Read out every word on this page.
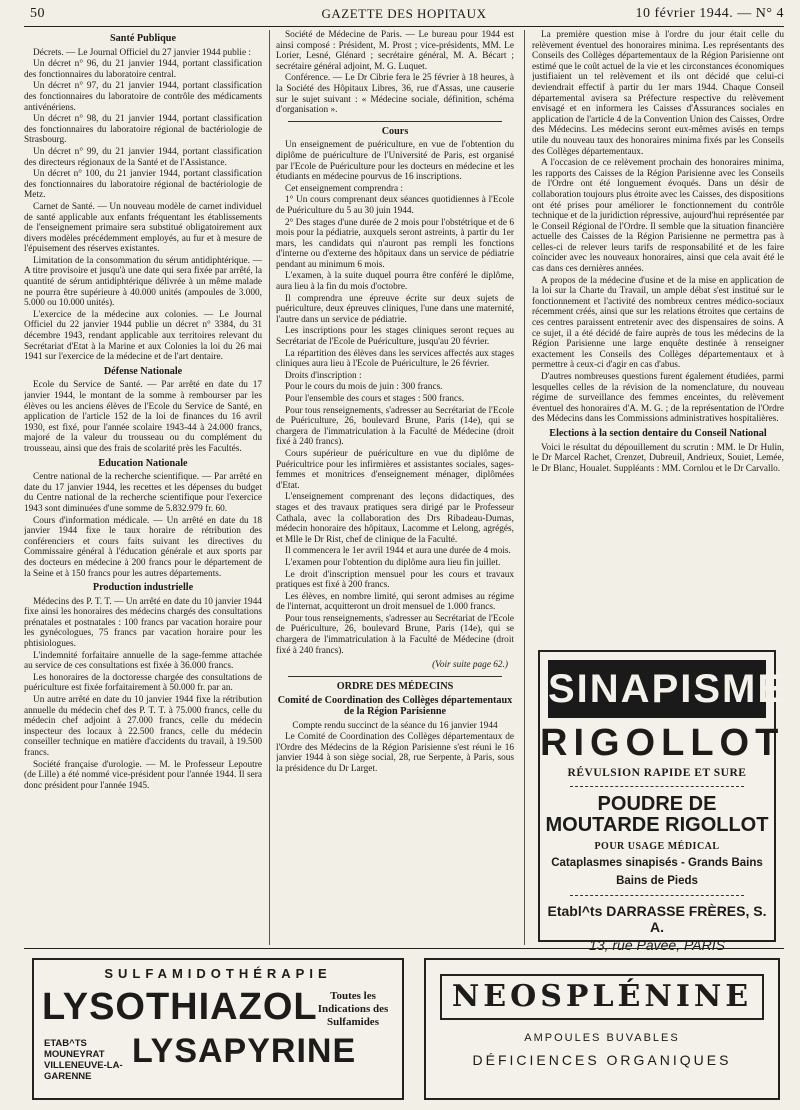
50	GAZETTE DES HOPITAUX	10 février 1944. — N° 4
Santé Publique

Décrets. — Le Journal Officiel du 27 janvier 1944 publie :

Un décret n° 96, du 21 janvier 1944, portant classification des fonctionnaires du laboratoire central.

Un décret n° 97, du 21 janvier 1944, portant classification des fonctionnaires du laboratoire de contrôle des médicaments antivénériens.

Un décret n° 98, du 21 janvier 1944, portant classification des fonctionnaires du laboratoire régional de bactériologie de Strasbourg.

Un décret n° 99, du 21 janvier 1944, portant classification des directeurs régionaux de la Santé et de l'Assistance.

Un décret n° 100, du 21 janvier 1944, portant classification des fonctionnaires du laboratoire régional de bactériologie de Metz.

Carnet de Santé. — Un nouveau modèle de carnet individuel de santé applicable aux enfants fréquentant les établissements de l'enseignement primaire sera substitué obligatoirement aux divers modèles précédemment employés, au fur et à mesure de l'épuisement des réserves existantes.

Limitation de la consommation du sérum antidiphtérique. — A titre provisoire et jusqu'à une date qui sera fixée par arrêté, la quantité de sérum antidiphtérique délivrée à un même malade ne pourra être supérieure à 40.000 unités (ampoules de 3.000, 5.000 ou 10.000 unités).

L'exercice de la médecine aux colonies. — Le Journal Officiel du 22 janvier 1944 publie un décret n° 3384, du 31 décembre 1943, rendant applicable aux territoires relevant du Secrétariat d'Etat à la Marine et aux Colonies la loi du 26 mai 1941 sur l'exercice de la médecine et de l'art dentaire.

Défense Nationale

Ecole du Service de Santé. — Par arrêté en date du 17 janvier 1944, le montant de la somme à rembourser par les élèves ou les anciens élèves de l'Ecole du Service de Santé, en application de l'article 152 de la loi de finances du 16 avril 1930, est fixé, pour l'année scolaire 1943-44 à 24.000 francs, majoré de la valeur du trousseau ou du complément du trousseau, ainsi que des frais de scolarité près les Facultés.

Education Nationale

Centre national de la recherche scientifique. — Par arrêté en date du 17 janvier 1944, les recettes et les dépenses du budget du Centre national de la recherche scientifique pour l'exercice 1943 sont diminuées d'une somme de 5.832.979 fr. 60.

Cours d'information médicale. — Un arrêté en date du 18 janvier 1944 fixe le taux horaire de rétribution des conférenciers et cours faits suivant les directives du Commissaire général à l'éducation générale et aux sports par des docteurs en médecine à 200 francs pour le département de la Seine et à 150 francs pour les autres départements.

Production industrielle

Médecins des P. T. T. — Un arrêté en date du 10 janvier 1944 fixe ainsi les honoraires des médecins chargés des consultations prénatales et postnatales : 100 francs par vacation horaire pour les gynécologues, 75 francs par vacation horaire pour les phtisiologues.

L'indemnité forfaitaire annuelle de la sage-femme attachée au service de ces consultations est fixée à 36.000 francs.

Les honoraires de la doctoresse chargée des consultations de puériculture est fixée forfaitairement à 50.000 fr. par an.

Un autre arrêté en date du 10 janvier 1944 fixe la rétribution annuelle du médecin chef des P. T. T. à 75.000 francs, celle du médecin chef adjoint à 27.000 francs, celle du médecin inspecteur des locaux à 22.500 francs, celle du médecin conseiller technique en matière d'accidents du travail, à 19.500 francs.

Société française d'urologie. — M. le Professeur Lepoutre (de Lille) a été nommé vice-président pour l'année 1944. Il sera donc président pour l'année 1945.

Société de Médecine de Paris. — Le bureau pour 1944 est ainsi composé : Président, M. Prost ; vice-présidents, MM. Le Lorier, Lesné, Glénard ; secrétaire général, M. A. Bécart ; secrétaire général adjoint, M. G. Luquet.

Conférence. — Le Dr Cibrie fera le 25 février à 18 heures, à la Société des Hôpitaux Libres, 36, rue d'Assas, une causerie sur le sujet suivant : « Médecine sociale, définition, schéma d'organisation ».

Cours

Un enseignement de puériculture, en vue de l'obtention du diplôme de puériculture de l'Université de Paris, est organisé par l'Ecole de Puériculture pour les docteurs en médecine et les étudiants en médecine pourvus de 16 inscriptions.

Cet enseignement comprendra :

1° Un cours comprenant deux séances quotidiennes à l'Ecole de Puériculture du 5 au 30 juin 1944.

2° Des stages d'une durée de 2 mois pour l'obstétrique et de 6 mois pour la pédiatrie, auxquels seront astreints, à partir du 1er mars, les candidats qui n'auront pas rempli les fonctions d'interne ou d'externe des hôpitaux dans un service de pédiatrie pendant au minimum 6 mois.

L'examen, à la suite duquel pourra être conféré le diplôme, aura lieu à la fin du mois d'octobre.

Il comprendra une épreuve écrite sur deux sujets de puériculture, deux épreuves cliniques, l'une dans une maternité, l'autre dans un service de pédiatrie.

Les inscriptions pour les stages cliniques seront reçues au Secrétariat de l'Ecole de Puériculture, jusqu'au 20 février.

La répartition des élèves dans les services affectés aux stages cliniques aura lieu à l'Ecole de Puériculture, le 26 février.

Droits d'inscription :

Pour le cours du mois de juin : 300 francs.

Pour l'ensemble des cours et stages : 500 francs.

Pour tous renseignements, s'adresser au Secrétariat de l'Ecole de Puériculture, 26, boulevard Brune, Paris (14e), qui se chargera de l'immatriculation à la Faculté de Médecine (droit fixé à 240 francs).

Cours supérieur de puériculture en vue du diplôme de Puéricultrice pour les infirmières et assistantes sociales, sages-femmes et monitrices d'enseignement ménager, diplômées d'Etat.

L'enseignement comprenant des leçons didactiques, des stages et des travaux pratiques sera dirigé par le Professeur Cathala, avec la collaboration des Drs Ribadeau-Dumas, médecin honoraire des hôpitaux, Lacomme et Lelong, agrégés, et Mlle le Dr Rist, chef de clinique de la Faculté.

Il commencera le 1er avril 1944 et aura une durée de 4 mois.

L'examen pour l'obtention du diplôme aura lieu fin juillet.

Le droit d'inscription mensuel pour les cours et travaux pratiques est fixé à 200 francs.

Les élèves, en nombre limité, qui seront admises au régime de l'internat, acquitteront un droit mensuel de 1.000 francs.

Pour tous renseignements, s'adresser au Secrétariat de l'Ecole de Puériculture, 26, boulevard Brune, Paris (14e), qui se chargera de l'immatriculation à la Faculté de Médecine (droit fixé à 240 francs).

(Voir suite page 62.)
ORDRE DES MÉDECINS
Comité de Coordination des Collèges départementaux de la Région Parisienne

Compte rendu succinct de la séance du 16 janvier 1944

Le Comité de Coordination des Collèges départementaux de l'Ordre des Médecins de la Région Parisienne s'est réuni le 16 janvier 1944 à son siège social, 28, rue Serpente, à Paris, sous la présidence du Dr Larget.

La première question mise à l'ordre du jour était celle du relèvement éventuel des honoraires minima. Les représentants des Conseils des Collèges départementaux de la Région Parisienne ont estimé que le coût actuel de la vie et les circonstances économiques justifiaient un tel relèvement et ils ont décidé que celui-ci deviendrait effectif à partir du 1er mars 1944. Chaque Conseil départemental avisera sa Préfecture respective du relèvement envisagé et en informera les Caisses d'Assurances sociales en application de l'article 4 de la Convention Union des Caisses, Ordre des Médecins. Les médecins seront eux-mêmes avisés en temps utile du nouveau taux des honoraires minima fixés par les Conseils des Collèges départementaux.

A l'occasion de ce relèvement prochain des honoraires minima, les rapports des Caisses de la Région Parisienne avec les Conseils de l'Ordre ont été longuement évoqués. Dans un désir de collaboration toujours plus étroite avec les Caisses, des dispositions ont été prises pour améliorer le fonctionnement du contrôle technique et de la juridiction répressive, aujourd'hui représentée par le Conseil Régional de l'Ordre. Il semble que la situation financière actuelle des Caisses de la Région Parisienne ne permettra pas à celles-ci de relever leurs tarifs de responsabilité et de les faire coïncider avec les nouveaux honoraires, ainsi que cela avait été le cas dans ces dernières années.

A propos de la médecine d'usine et de la mise en application de la loi sur la Charte du Travail, un ample débat s'est institué sur le fonctionnement et l'activité des nombreux centres médico-sociaux récemment créés, ainsi que sur les relations étroites que certains de ces centres paraissent entretenir avec des dispensaires de soins. A ce sujet, il a été décidé de faire auprès de tous les médecins de la Région Parisienne une large enquête destinée à renseigner exactement les Conseils des Collèges départementaux et à permettre à ceux-ci d'agir en cas d'abus.

D'autres nombreuses questions furent également étudiées, parmi lesquelles celles de la révision de la nomenclature, du nouveau régime de surveillance des femmes enceintes, du relèvement éventuel des honoraires d'A. M. G. ; de la représentation de l'Ordre des Médecins dans les Commissions administratives hospitalières.

Elections à la section dentaire du Conseil National

Voici le résultat du dépouillement du scrutin : MM. le Dr Hulin, le Dr Marcel Rachet, Crenzet, Dubreuil, Andrieux, Souiet, Lemée, le Dr Blanc, Houalet. Suppléants : MM. Cornlou et le Dr Carvallo.

SINAPISME
RIGOLLOT
RÉVULSION RAPIDE ET SURE
POUDRE DE MOUTARDE RIGOLLOT
POUR USAGE MÉDICAL
Cataplasmes sinapisés - Grands Bains
Bains de Pieds
Etabl^ts DARRASSE FRÈRES, S. A.
13, rue Pavée, PARIS
SULFAMIDOTHÉRAPIE
LYSOTHIAZOL	Toutes les Indications des Sulfamides
ETAB^TS MOUNEYRAT VILLENEUVE-LA-GARENNE
LYSAPYRINE
NEOSPLÉNINE
AMPOULES BUVABLES
DÉFICIENCES ORGANIQUES
